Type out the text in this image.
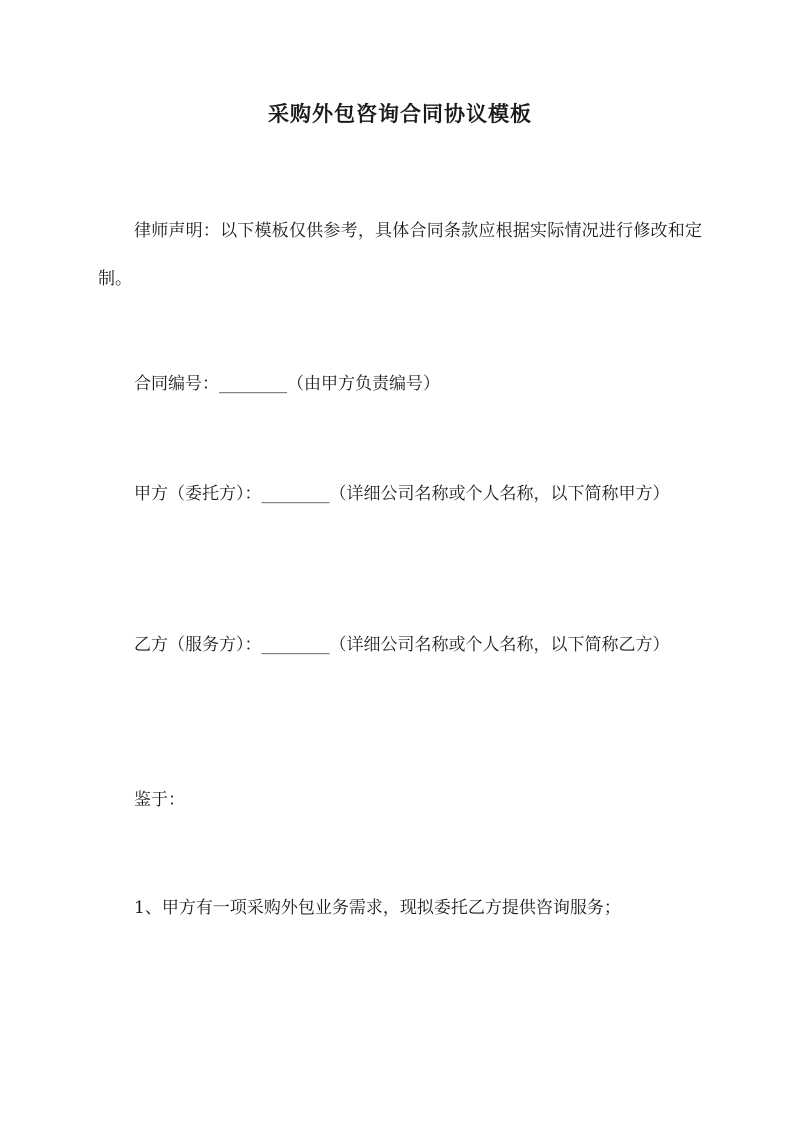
采购外包咨询合同协议模板
律师声明：以下模板仅供参考，具体合同条款应根据实际情况进行修改和定制。
合同编号：________（由甲方负责编号）
甲方（委托方）：________（详细公司名称或个人名称，以下简称甲方）
乙方（服务方）：________（详细公司名称或个人名称，以下简称乙方）
鉴于：
1、甲方有一项采购外包业务需求，现拟委托乙方提供咨询服务；
